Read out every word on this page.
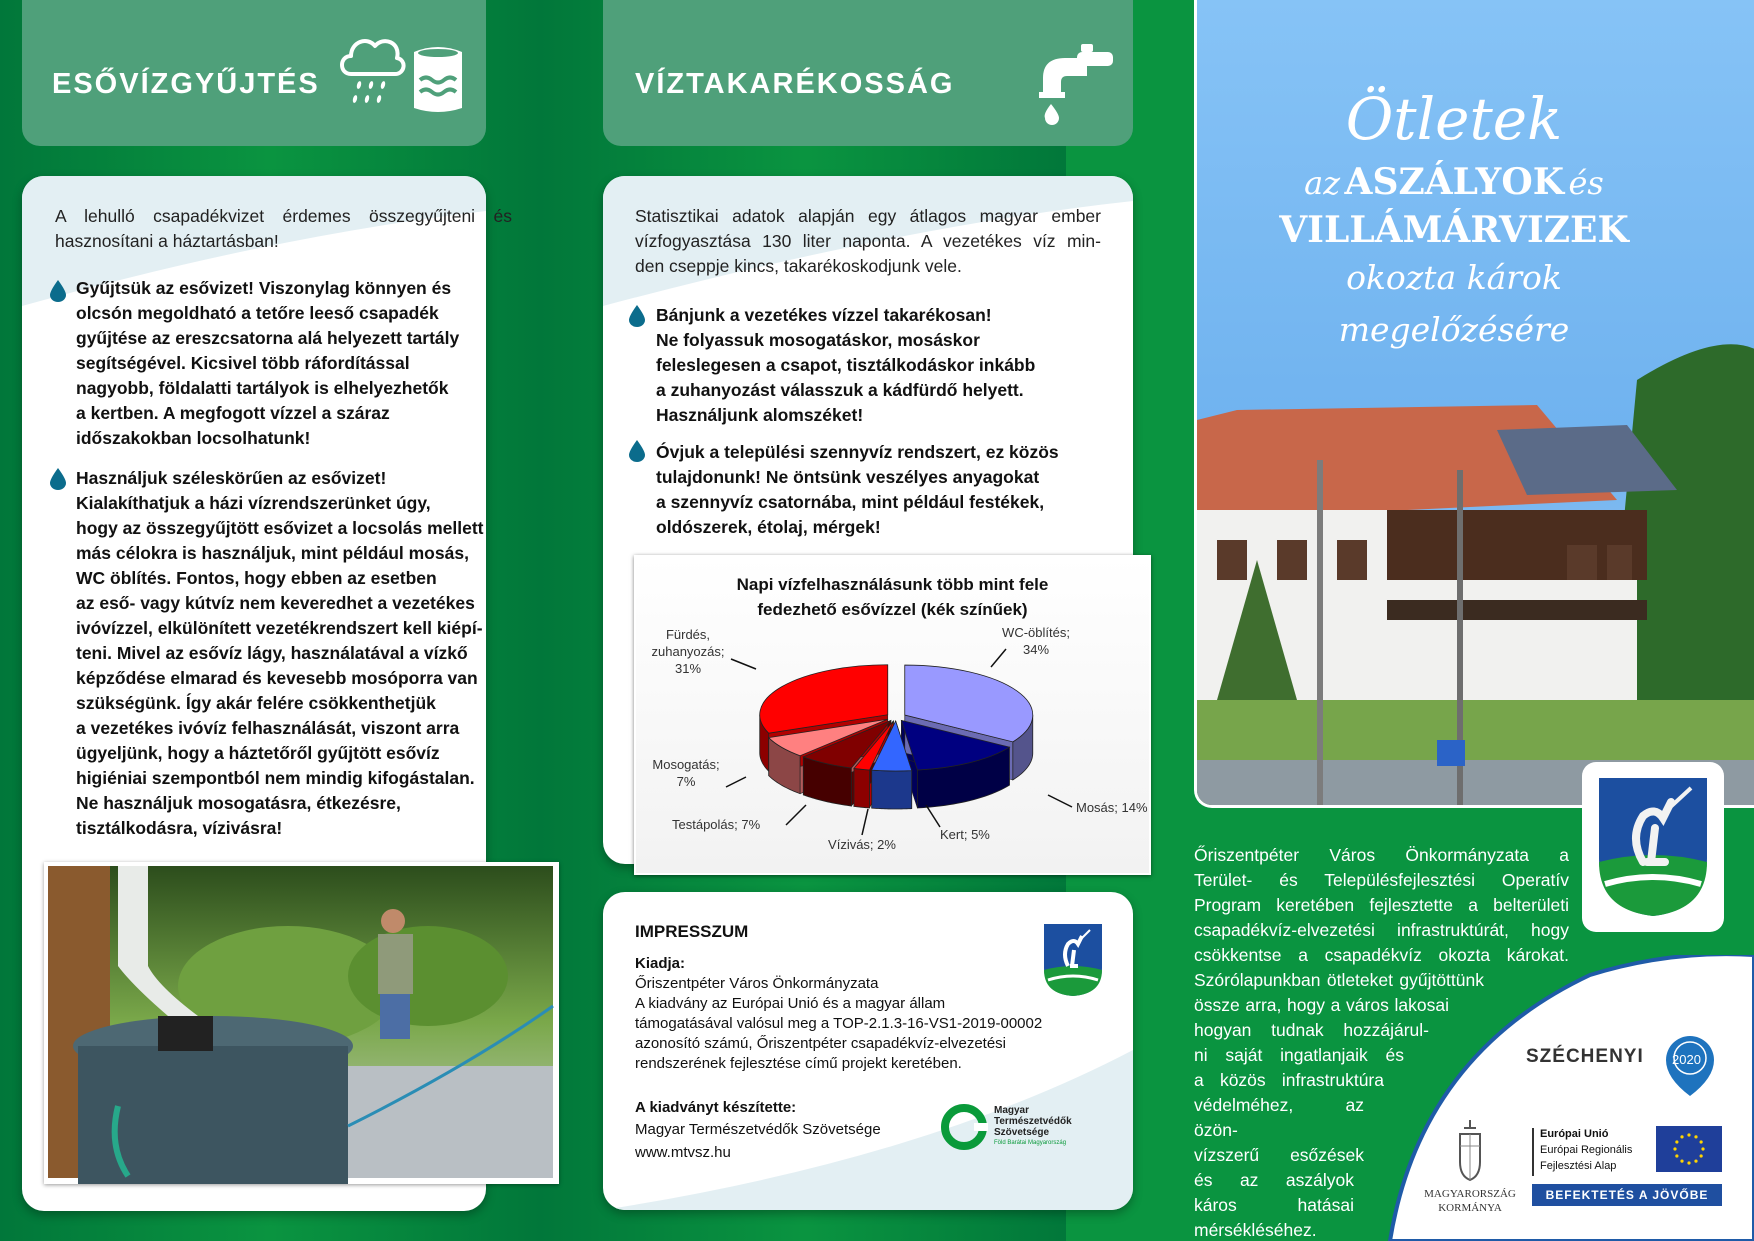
ESŐVÍZGYŰJTÉS	VÍZTAKARÉKOSSÁG
A lehulló csapadékvizet érdemes összegyűjteni és
hasznosítani a háztartásban!
Gyűjtsük az esővizet! Viszonylag könnyen és
olcsón megoldható a tetőre leeső csapadék
gyűjtése az ereszcsatorna alá helyezett tartály
segítségével. Kicsivel több ráfordítással
nagyobb, földalatti tartályok is elhelyezhetők
a kertben. A megfogott vízzel a száraz
időszakokban locsolhatunk!
Használjuk széleskörűen az esővizet!
Kialakíthatjuk a házi vízrendszerünket úgy,
hogy az összegyűjtött esővizet a locsolás mellett
más célokra is használjuk, mint például mosás,
WC öblítés. Fontos, hogy ebben az esetben
az eső- vagy kútvíz nem keveredhet a vezetékes
ivóvízzel, elkülönített vezetékrendszert kell kiépí-
teni. Mivel az esővíz lágy, használatával a vízkő
képződése elmarad és kevesebb mosóporra van
szükségünk. Így akár felére csökkenthetjük
a vezetékes ivóvíz felhasználását, viszont arra
ügyeljünk, hogy a háztetőről gyűjtött esővíz
higiéniai szempontból nem mindig kifogástalan.
Ne használjuk mosogatásra, étkezésre,
tisztálkodásra, vízivásra!
Statisztikai adatok alapján egy átlagos magyar ember
vízfogyasztása 130 liter naponta. A vezetékes víz min-
den cseppje kincs, takarékoskodjunk vele.
Bánjunk a vezetékes vízzel takarékosan!
Ne folyassuk mosogatáskor, mosáskor
feleslegesen a csapot, tisztálkodáskor inkább
a zuhanyozást válasszuk a kádfürdő helyett.
Használjunk alomszéket!
Óvjuk a települési szennyvíz rendszert, ez közös
tulajdonunk! Ne öntsünk veszélyes anyagokat
a szennyvíz csatornába, mint például festékek,
oldószerek, étolaj, mérgek!
Napi vízfelhasználásunk több mint fele
fedezhető esővízzel (kék színűek)
WC-öblítés;
34%
Mosás; 14%
Kert; 5%
Vízivás; 2%
Testápolás; 7%
Mosogatás;
7%
Fürdés,
zuhanyozás;
31%
IMPRESSZUM
Kiadja:
Őriszentpéter Város Önkormányzata
A kiadvány az Európai Unió és a magyar állam
támogatásával valósul meg a TOP-2.1.3-16-VS1-2019-00002
azonosító számú, Őriszentpéter csapadékvíz-elvezetési
rendszerének fejlesztése című projekt keretében.
A kiadványt készítette:
Magyar Természetvédők Szövetsége
www.mtvsz.hu
Magyar
Természetvédők
Szövetsége
Föld Barátai Magyarország
Ötletek
az ASZÁLYOK és
VILLÁMÁRVIZEK
okozta károk
megelőzésére
Őriszentpéter Város Önkormányzata a
Terület- és Településfejlesztési Operatív
Program keretében fejlesztette a belterületi
csapadékvíz-elvezetési infrastruktúrát, hogy
csökkentse a csapadékvíz okozta károkat.
Szórólapunkban ötleteket gyűjtöttünk
össze arra, hogy a város lakosai
hogyan tudnak hozzájárul-
ni saját ingatlanjaik és
a közös infrastruktúra
védelméhez, az özön-
vízszerű esőzések
és az aszályok
káros hatásai
mérsékléséhez.
SZÉCHENYI 2020
MAGYARORSZÁG
KORMÁNYA
Európai Unió
Európai Regionális
Fejlesztési Alap
BEFEKTETÉS A JÖVŐBE
